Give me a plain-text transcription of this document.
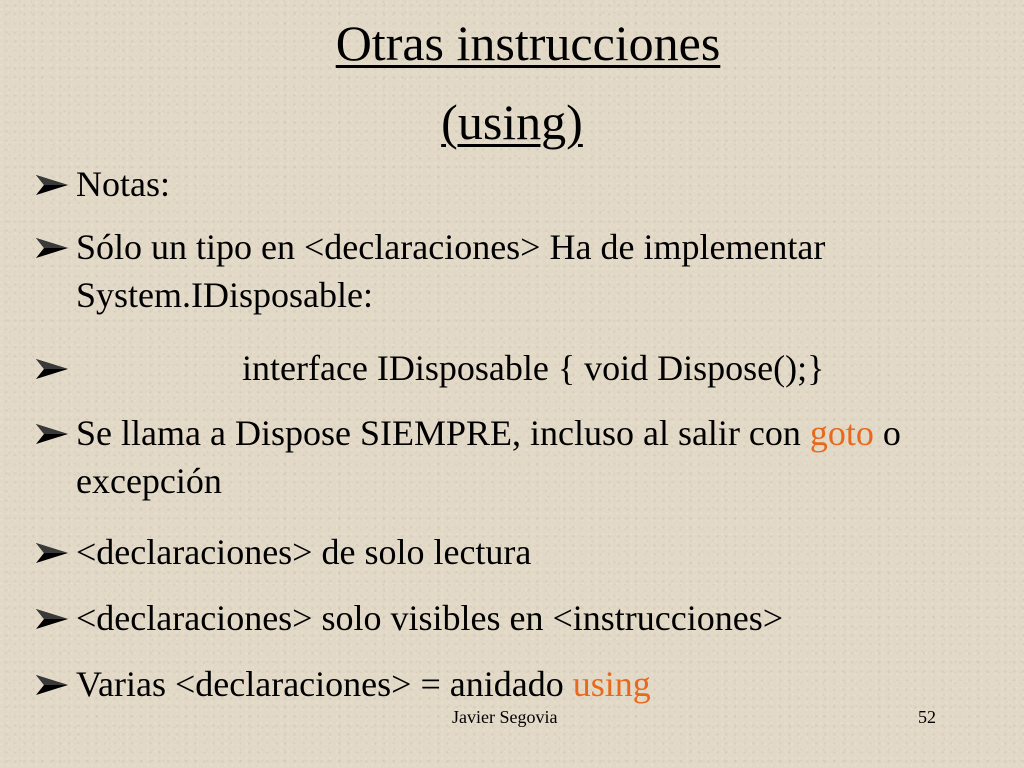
Otras instrucciones
(using)
Notas:
Sólo un tipo en <declaraciones> Ha de implementar System.IDisposable:
interface IDisposable { void Dispose();}
Se llama a Dispose SIEMPRE, incluso al salir con goto o excepción
<declaraciones> de solo lectura
<declaraciones> solo visibles en <instrucciones>
Varias <declaraciones> = anidado using
Javier Segovia	52
